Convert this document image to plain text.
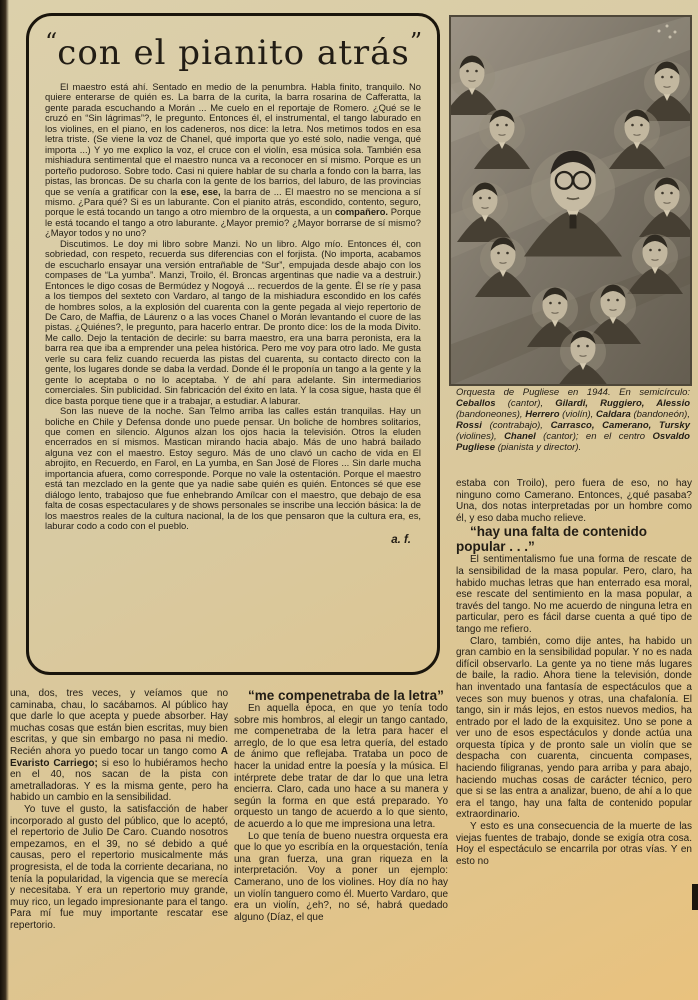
“con el pianito atrás”

El maestro está ahí. Sentado en medio de la penumbra. Habla finito, tranquilo. No quiere enterarse de quién es. La barra de la curita, la barra rosarina de Cafferatta, la gente parada escuchando a Morán ... Me cuelo en el reportaje de Romero. ¿Qué se le cruzó en “Sin lágrimas”?, le pregunto. Entonces él, el instrumental, el tango laburado en los violines, en el piano, en los cadeneros, nos dice: la letra. Nos metimos todos en esa letra triste. (Se viene la voz de Chanel, qué importa que yo esté solo, nadie venga, qué importa ...) Y yo me explico la voz, el cruce con el violín, esa música sola. También esa mishiadura sentimental que el maestro nunca va a reconocer en sí mismo. Porque es un porteño pudoroso. Sobre todo. Casi ni quiere hablar de su charla a fondo con la barra, las pistas, las broncas. De su charla con la gente de los barrios, del laburo, de las provincias que se venía a gratificar con la ese, ese, la barra de ... El maestro no se menciona a sí mismo. ¿Para qué? Si es un laburante. Con el pianito atrás, escondido, contento, seguro, porque le está tocando un tango a otro miembro de la orquesta, a un compañero. Porque le está tocando el tango a otro laburante. ¿Mayor premio? ¿Mayor borrarse de sí mismo? ¿Mayor todos y no uno?

Discutimos. Le doy mi libro sobre Manzi. No un libro. Algo mío. Entonces él, con sobriedad, con respeto, recuerda sus diferencias con el forjista. (No importa, acabamos de escucharlo ensayar una versión entrañable de “Sur”, empujada desde abajo con los compases de “La yumba”. Manzi, Troilo, él. Broncas argentinas que nadie va a destruir.) Entonces le digo cosas de Bermúdez y Nogoyá ... recuerdos de la gente. Él se ríe y pasa a los tiempos del sexteto con Vardaro, al tango de la mishiadura escondido en los cafés de hombres solos, a la explosión del cuarenta con la gente pegada al viejo repertorio de De Caro, de Maffia, de Láurenz o a las voces Chanel o Morán levantando el cuore de las pistas. ¿Quiénes?, le pregunto, para hacerlo entrar. De pronto dice: los de la moda Divito. Me callo. Dejo la tentación de decirle: su barra maestro, era una barra peronista, era la barra rea que iba a emprender una pelea histórica. Pero me voy para otro lado. Me gusta verle su cara feliz cuando recuerda las pistas del cuarenta, su contacto directo con la gente, los lugares donde se daba la verdad. Donde él le proponía un tango a la gente y la gente lo aceptaba o no lo aceptaba. Y de ahí para adelante. Sin intermediarios comerciales. Sin publicidad. Sin fabricación del éxito en lata. Y la cosa sigue, hasta que él dice basta porque tiene que ir a trabajar, a estudiar. A laburar.

Son las nueve de la noche. San Telmo arriba las calles están tranquilas. Hay un boliche en Chile y Defensa donde uno puede pensar. Un boliche de hombres solitarios, que comen en silencio. Algunos alzan los ojos hacia la televisión. Otros la eluden encerrados en sí mismos. Mastican mirando hacia abajo. Más de uno habrá bailado alguna vez con el maestro. Estoy seguro. Más de uno clavó un cacho de vida en El abrojito, en Recuerdo, en Farol, en La yumba, en San José de Flores ... Sin darle mucha importancia afuera, como corresponde. Porque no vale la ostentación. Porque el maestro está tan mezclado en la gente que ya nadie sabe quién es quién. Entonces sé que ese diálogo lento, trabajoso que fue enhebrando Amílcar con el maestro, que debajo de esa falta de cosas espectaculares y de shows personales se inscribe una lección básica: la de los maestros reales de la cultura nacional, la de los que pensaron que la cultura era, es, laburar codo a codo con el pueblo.

a. f.

Orquesta de Pugliese en 1944. En semicírculo: Ceballos (cantor), Gilardi, Ruggiero, Alessio (bandoneones), Herrero (violín), Caldara (bandoneón), Rossi (contrabajo), Carrasco, Camerano, Tursky (violines), Chanel (cantor); en el centro Osvaldo Pugliese (pianista y director).

estaba con Troilo), pero fuera de eso, no hay ninguno como Camerano. Entonces, ¿qué pasaba? Una, dos notas interpretadas por un hombre como él, y eso daba mucho relieve.

“hay una falta de contenido popular . . .”

El sentimentalismo fue una forma de rescate de la sensibilidad de la masa popular. Pero, claro, ha habido muchas letras que han enterrado esa moral, ese rescate del sentimiento en la masa popular, a través del tango. No me acuerdo de ninguna letra en particular, pero es fácil darse cuenta a qué tipo de tango me refiero.

Claro, también, como dije antes, ha habido un gran cambio en la sensibilidad popular. Y no es nada difícil observarlo. La gente ya no tiene más lugares de baile, la radio. Ahora tiene la televisión, donde han inventado una fantasía de espectáculos que a veces son muy buenos y otras, una chafalonía. El tango, sin ir más lejos, en estos nuevos medios, ha entrado por el lado de la exquisitez. Uno se pone a ver uno de esos espectáculos y donde actúa una orquesta típica y de pronto sale un violín que se despacha con cuarenta, cincuenta compases, haciendo filigranas, yendo para arriba y para abajo, haciendo muchas cosas de carácter técnico, pero que si se las entra a analizar, bueno, de ahí a lo que era el tango, hay una falta de contenido popular extraordinario.

Y esto es una consecuencia de la muerte de las viejas fuentes de trabajo, donde se exigía otra cosa. Hoy el espectáculo se encarrila por otras vías. Y en esto no

una, dos, tres veces, y veíamos que no caminaba, chau, lo sacábamos. Al público hay que darle lo que acepta y puede absorber. Hay muchas cosas que están bien escritas, muy bien escritas, y que sin embargo no pasa ni medio. Recién ahora yo puedo tocar un tango como A Evaristo Carriego; si eso lo hubiéramos hecho en el 40, nos sacan de la pista con ametralladoras. Y es la misma gente, pero ha habido un cambio en la sensibilidad.

Yo tuve el gusto, la satisfacción de haber incorporado al gusto del público, que lo aceptó, el repertorio de Julio De Caro. Cuando nosotros empezamos, en el 39, no sé debido a qué causas, pero el repertorio musicalmente más progresista, el de toda la corriente decariana, no tenía la popularidad, la vigencia que se merecía y necesitaba. Y era un repertorio muy grande, muy rico, un legado impresionante para el tango. Para mí fue muy importante rescatar ese repertorio.

“me compenetraba de la letra”

En aquella época, en que yo tenía todo sobre mis hombros, al elegir un tango cantado, me compenetraba de la letra para hacer el arreglo, de lo que esa letra quería, del estado de ánimo que reflejaba. Trataba un poco de hacer la unidad entre la poesía y la música. El intérprete debe tratar de dar lo que una letra encierra. Claro, cada uno hace a su manera y según la forma en que está preparado. Yo orquesto un tango de acuerdo a lo que siento, de acuerdo a lo que me impresiona una letra.

Lo que tenía de bueno nuestra orquesta era que lo que yo escribía en la orquestación, tenía una gran fuerza, una gran riqueza en la interpretación. Voy a poner un ejemplo: Camerano, uno de los violines. Hoy día no hay un violín tanguero como él. Muerto Vardaro, que era un violín, ¿eh?, no sé, habrá quedado alguno (Díaz, el que
